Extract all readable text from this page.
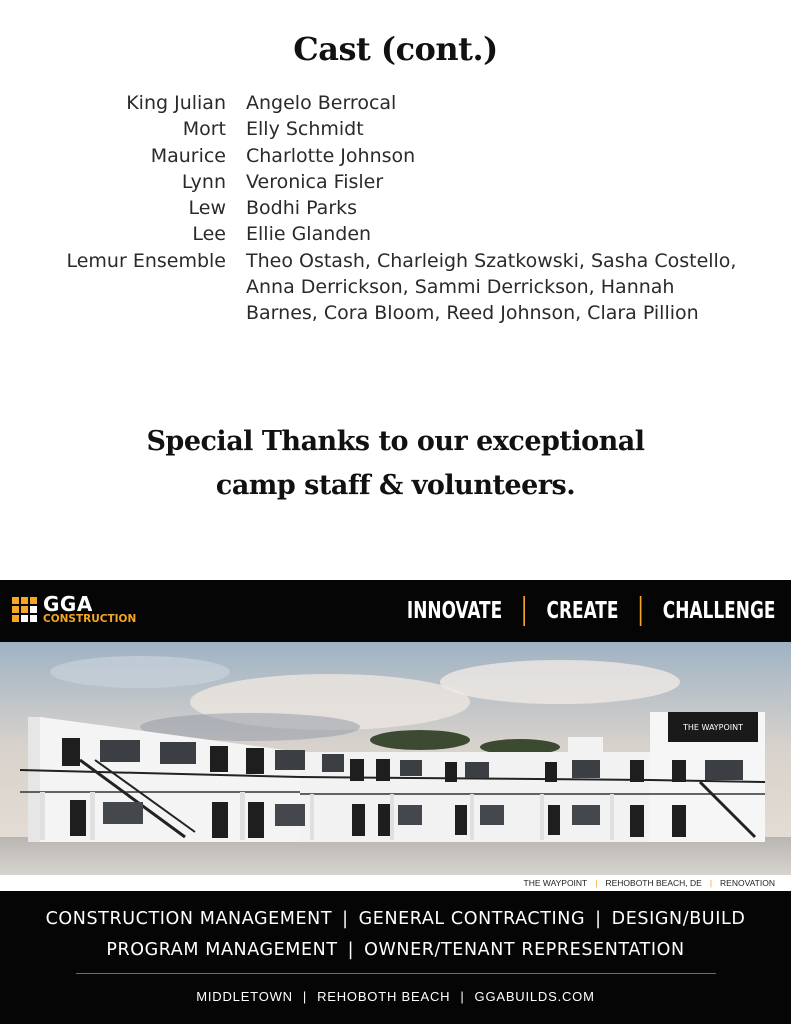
Cast (cont.)
King Julian Angelo Berrocal
Mort Elly Schmidt
Maurice Charlotte Johnson
Lynn Veronica Fisler
Lew Bodhi Parks
Lee Ellie Glanden
Lemur Ensemble Theo Ostash, Charleigh Szatkowski, Sasha Costello, Anna Derrickson, Sammi Derrickson, Hannah Barnes, Cora Bloom, Reed Johnson, Clara Pillion
Special Thanks to our exceptional
camp staff & volunteers.
GGA
CONSTRUCTION	INNOVATE CREATE CHALLENGE
THE WAYPOINT
THE WAYPOINT | REHOBOTH BEACH, DE | RENOVATION
CONSTRUCTION MANAGEMENT | GENERAL CONTRACTING | DESIGN/BUILD
PROGRAM MANAGEMENT | OWNER/TENANT REPRESENTATION
MIDDLETOWN | REHOBOTH BEACH | GGABUILDS.COM
